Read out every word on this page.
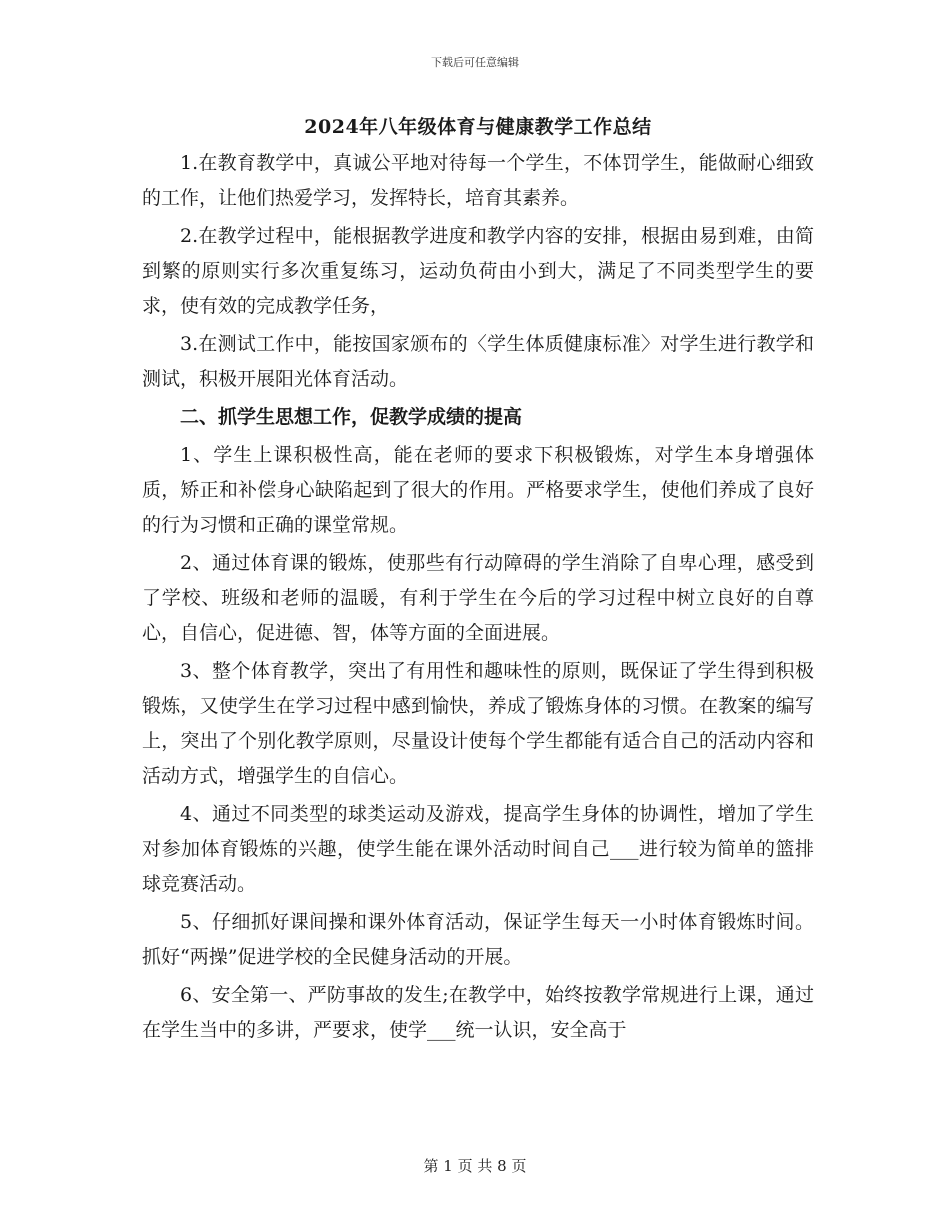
下载后可任意编辑
2024年八年级体育与健康教学工作总结

1.在教育教学中，真诚公平地对待每一个学生，不体罚学生，能做耐心细致的工作，让他们热爱学习，发挥特长，培育其素养。

2.在教学过程中，能根据教学进度和教学内容的安排，根据由易到难，由简到繁的原则实行多次重复练习，运动负荷由小到大，满足了不同类型学生的要求，使有效的完成教学任务，

3.在测试工作中，能按国家颁布的〈学生体质健康标准〉对学生进行教学和测试，积极开展阳光体育活动。

二、抓学生思想工作，促教学成绩的提高

1、学生上课积极性高，能在老师的要求下积极锻炼，对学生本身增强体质，矫正和补偿身心缺陷起到了很大的作用。严格要求学生，使他们养成了良好的行为习惯和正确的课堂常规。

2、通过体育课的锻炼，使那些有行动障碍的学生消除了自卑心理，感受到了学校、班级和老师的温暖，有利于学生在今后的学习过程中树立良好的自尊心，自信心，促进德、智，体等方面的全面进展。

3、整个体育教学，突出了有用性和趣味性的原则，既保证了学生得到积极锻炼，又使学生在学习过程中感到愉快，养成了锻炼身体的习惯。在教案的编写上，突出了个别化教学原则，尽量设计使每个学生都能有适合自己的活动内容和活动方式，增强学生的自信心。

4、通过不同类型的球类运动及游戏，提高学生身体的协调性，增加了学生对参加体育锻炼的兴趣，使学生能在课外活动时间自己___进行较为简单的篮排球竞赛活动。

5、仔细抓好课间操和课外体育活动，保证学生每天一小时体育锻炼时间。抓好“两操”促进学校的全民健身活动的开展。

6、安全第一、严防事故的发生;在教学中，始终按教学常规进行上课，通过在学生当中的多讲，严要求，使学___统一认识，安全高于

第 1 页 共 8 页
